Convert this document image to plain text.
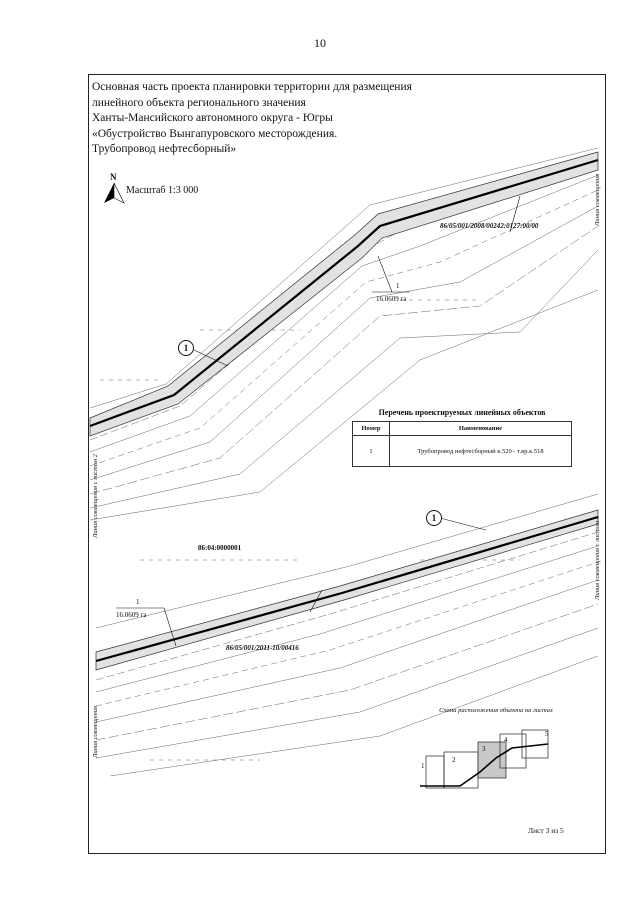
10
Основная часть проекта планировки территории для размещения
линейного объекта регионального значения
Ханты-Мансийского автономного округа - Югры
«Обустройство Вынгапуровского месторождения.
Трубопровод нефтесборный»
N
Масштаб 1:3 000
86/05/001/2008/00242:0127:00/00
86:04:0000001
86/05/001/2011-10/00416
1
16.0609 га
1
16.0609 га
1
1
Перечень проектируемых линейных объектов
Номер	Наименование
1	Трубопровод нефтесборный к.520 - т.вр.к.518
Линия совмещения
Линия совмещения с листом 2
Линия совмещения с листом 4
Линия совмещения	Схема расположения объекта на листах
1
2
3
4
5
Лист 3 из 5
